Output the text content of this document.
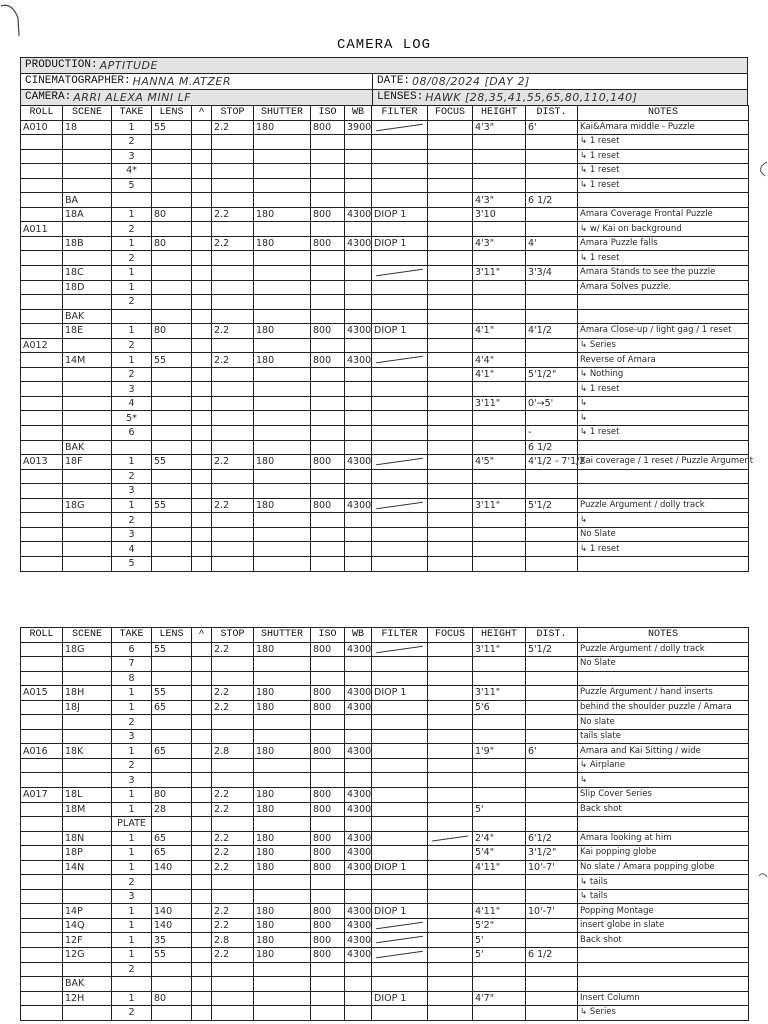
CAMERA LOG
PRODUCTION: APTITUDE
CINEMATOGRAPHER: HANNA M.ATZER	DATE: 08/08/2024 [DAY 2]
CAMERA: ARRI ALEXA MINI LF	LENSES: HAWK [28,35,41,55,65,80,110,140]
ROLL	SCENE	TAKE	LENS	^	STOP	SHUTTER	ISO	WB	FILTER	FOCUS	HEIGHT	DIST.	NOTES
A010	18	1	55		2.2	180	800	3900			4'3"	6'	Kai&Amara middle - Puzzle
		2											↳ 1 reset
		3											↳ 1 reset
		4*											↳ 1 reset
		5											↳ 1 reset
	BA										4'3"	6 1/2	
	18A	1	80		2.2	180	800	4300	DIOP 1		3'10		Amara Coverage Frontal Puzzle
A011		2											↳ w/ Kai on background
	18B	1	80		2.2	180	800	4300	DIOP 1		4'3"	4'	Amara Puzzle falls
		2											↳ 1 reset
	18C	1									3'11"	3'3/4	Amara Stands to see the puzzle
	18D	1											Amara Solves puzzle.
		2											
	BAK												
	18E	1	80		2.2	180	800	4300	DIOP 1		4'1"	4'1/2	Amara Close-up / light gag / 1 reset
A012		2											↳ Series
	14M	1	55		2.2	180	800	4300			4'4"		Reverse of Amara
		2									4'1"	5'1/2"	↳ Nothing
		3											↳ 1 reset
		4									3'11"	0'→5'	↳
		5*											↳
		6										-	↳ 1 reset
	BAK											6 1/2	
A013	18F	1	55		2.2	180	800	4300			4'5"	4'1/2 - 7'1/2	Kai coverage / 1 reset / Puzzle Argument
		2											
		3											
	18G	1	55		2.2	180	800	4300			3'11"	5'1/2	Puzzle Argument / dolly track
		2											↳
		3											No Slate
		4											↳ 1 reset
		5											
ROLL	SCENE	TAKE	LENS	^	STOP	SHUTTER	ISO	WB	FILTER	FOCUS	HEIGHT	DIST.	NOTES
	18G	6	55		2.2	180	800	4300			3'11"	5'1/2	Puzzle Argument / dolly track
		7											No Slate
		8											
A015	18H	1	55		2.2	180	800	4300	DIOP 1		3'11"		Puzzle Argument / hand inserts
	18J	1	65		2.2	180	800	4300			5'6		behind the shoulder puzzle / Amara
		2											No slate
		3											tails slate
A016	18K	1	65		2.8	180	800	4300			1'9"	6'	Amara and Kai Sitting / wide
		2											↳ Airplane
		3											↳
A017	18L	1	80		2.2	180	800	4300					Slip Cover Series
	18M	1	28		2.2	180	800	4300			5'		Back shot
		PLATE											
	18N	1	65		2.2	180	800	4300			2'4"	6'1/2	Amara looking at him
	18P	1	65		2.2	180	800	4300			5'4"	3'1/2"	Kai popping globe
	14N	1	140		2.2	180	800	4300	DIOP 1		4'11"	10'-7'	No slate / Amara popping globe
		2											↳ tails
		3											↳ tails
	14P	1	140		2.2	180	800	4300	DIOP 1		4'11"	10'-7'	Popping Montage
	14Q	1	140		2.2	180	800	4300			5'2"		insert globe in slate
	12F	1	35		2.8	180	800	4300			5'		Back shot
	12G	1	55		2.2	180	800	4300			5'	6 1/2	
		2											
	BAK												
	12H	1	80						DIOP 1		4'7"		Insert Column
		2											↳ Series
